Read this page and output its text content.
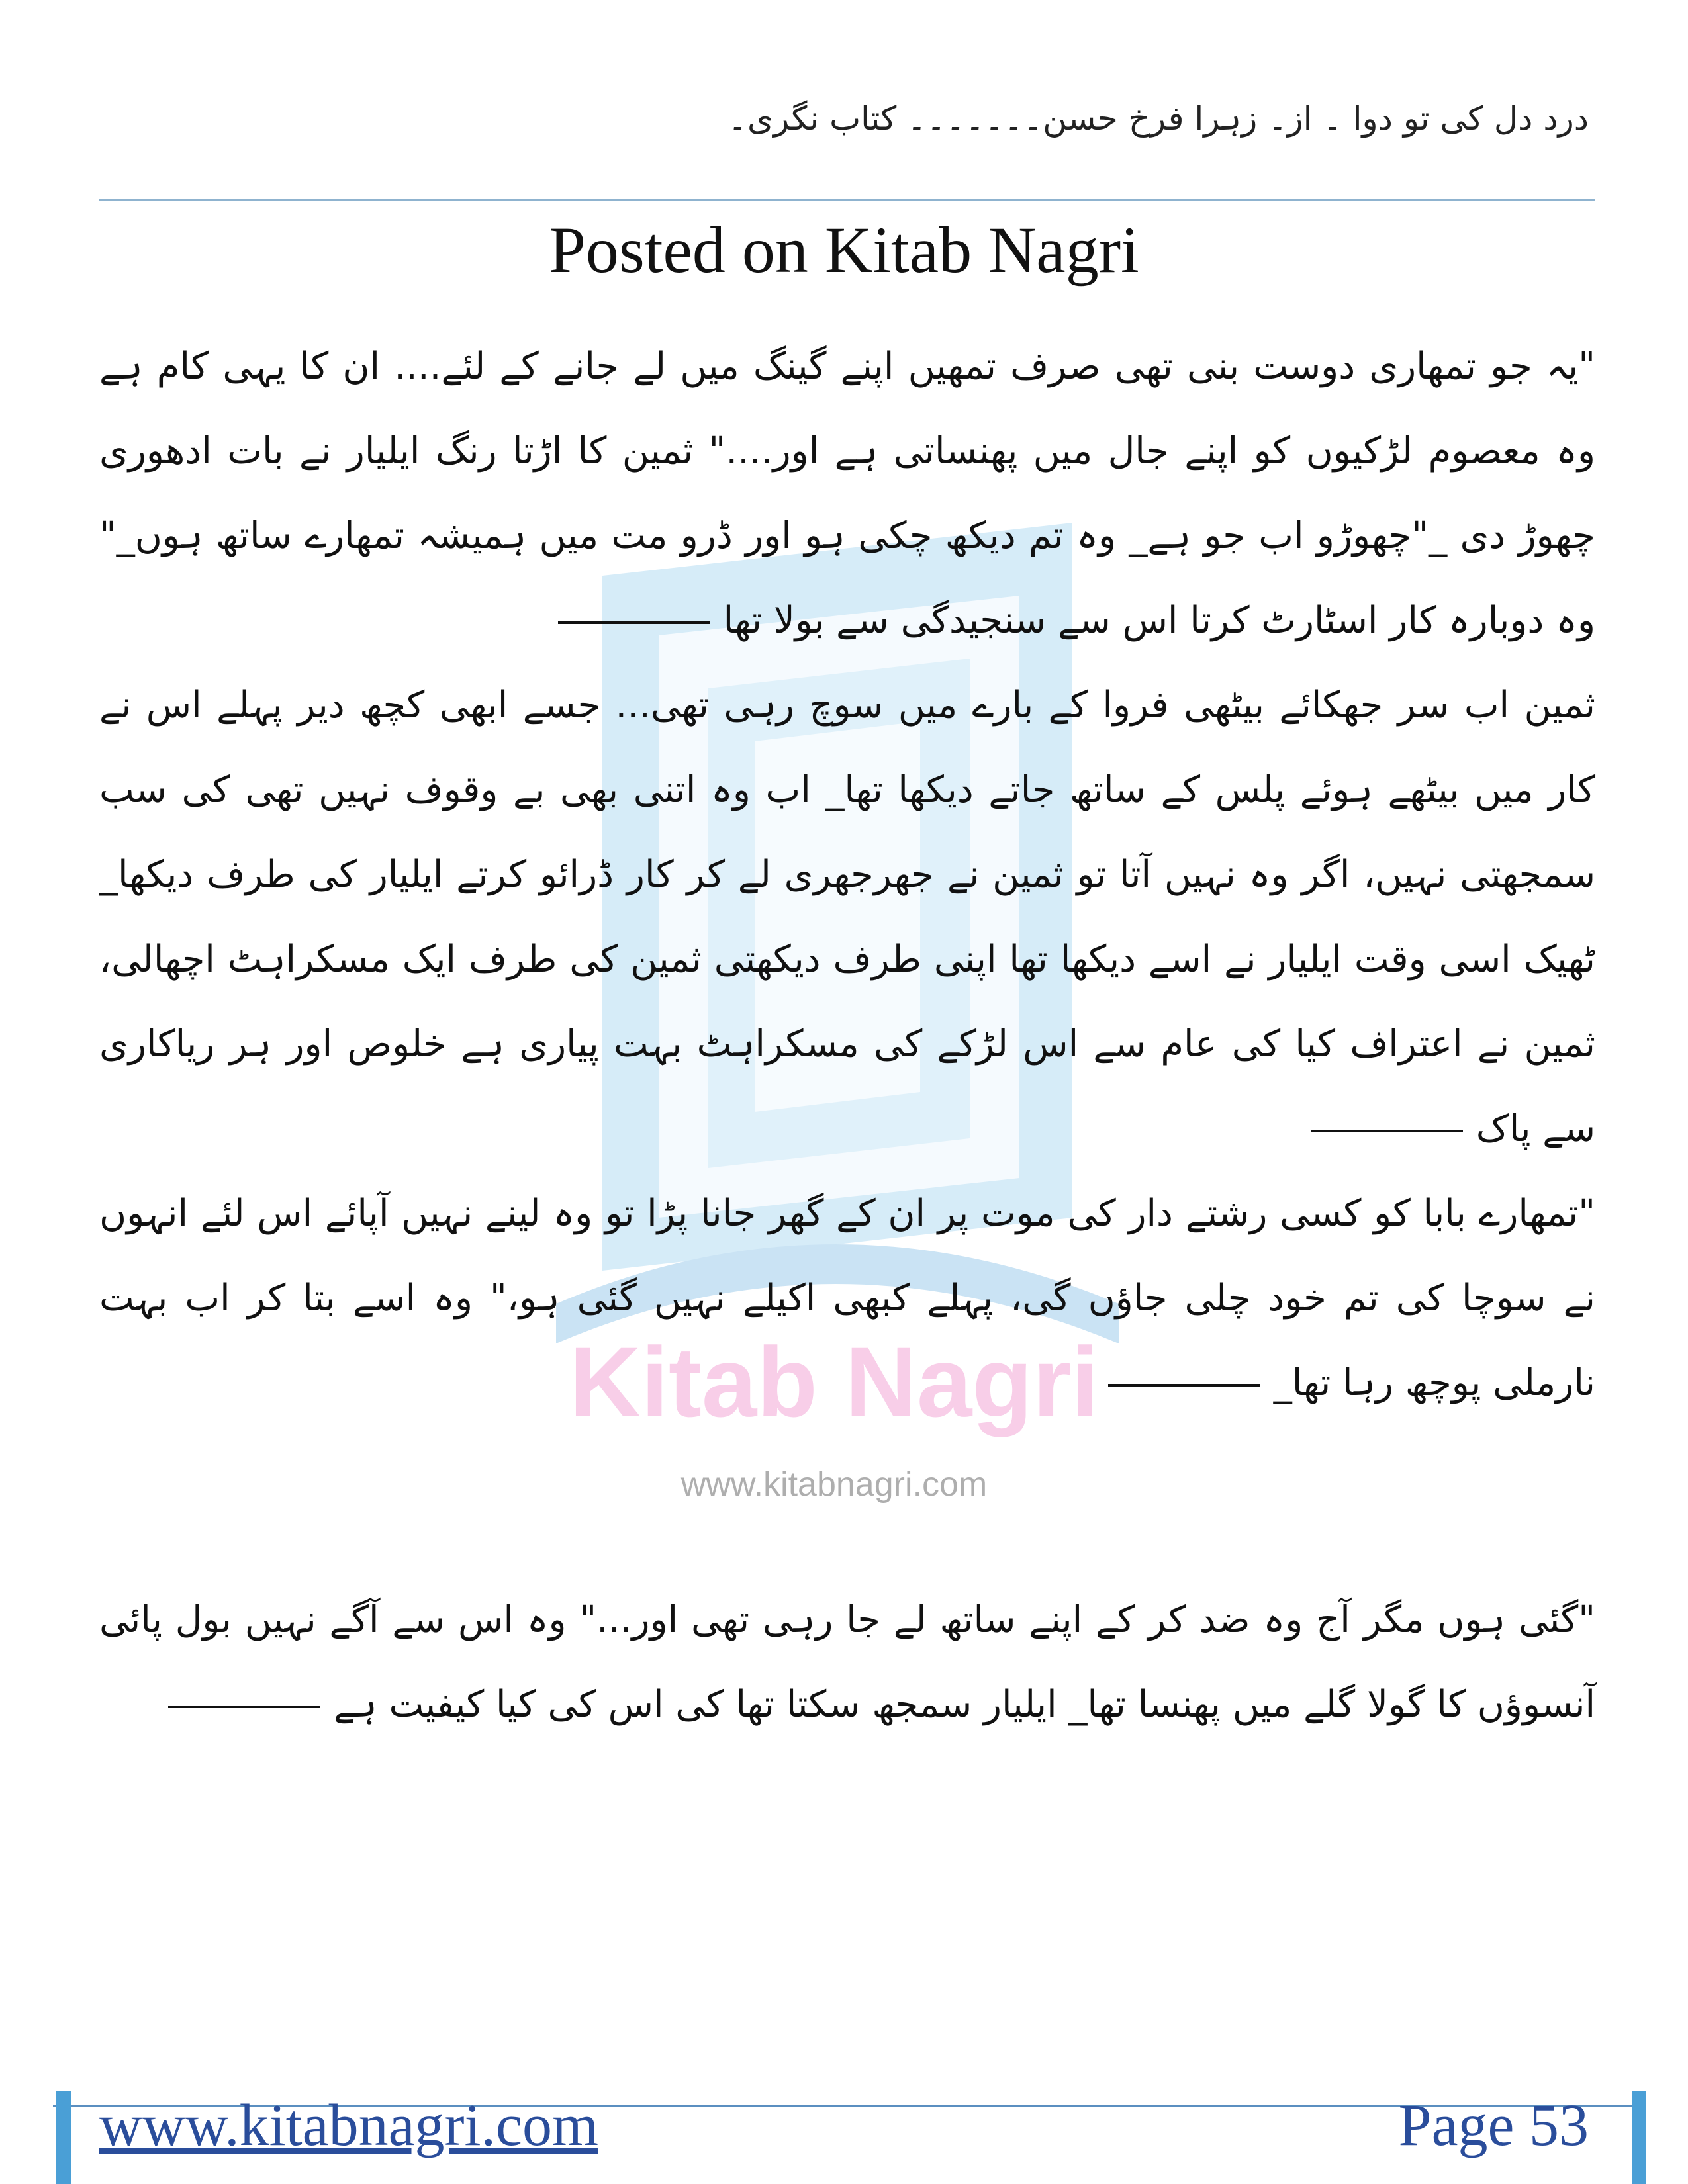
درد دل کی تو دوا ۔ از۔ زہرا فرخ حسن۔۔۔۔۔۔۔ کتاب نگری۔
Posted on Kitab Nagri
Kitab Nagri
www.kitabnagri.com

"یہ جو تمھاری دوست بنی تھی صرف تمھیں اپنے گینگ میں لے جانے کے لئے.... ان کا یہی کام ہے وہ معصوم لڑکیوں کو اپنے جال میں پھنساتی ہے اور...." ثمین کا اڑتا رنگ ایلیار نے بات ادھوری چھوڑ دی _"چھوڑو اب جو ہے_ وہ تم دیکھ چکی ہو اور ڈرو مت میں ہمیشہ تمھارے ساتھ ہوں_" وہ دوبارہ کار اسٹارٹ کرتا اس سے سنجیدگی سے بولا تھا

ثمین اب سر جھکائے بیٹھی فروا کے بارے میں سوچ رہی تھی... جسے ابھی کچھ دیر پہلے اس نے کار میں بیٹھے ہوئے پلس کے ساتھ جاتے دیکھا تھا_ اب وہ اتنی بھی بے وقوف نہیں تھی کی سب سمجھتی نہیں، اگر وہ نہیں آتا تو ثمین نے جھرجھری لے کر کار ڈرائو کرتے ایلیار کی طرف دیکھا_ ٹھیک اسی وقت ایلیار نے اسے دیکھا تھا اپنی طرف دیکھتی ثمین کی طرف ایک مسکراہٹ اچھالی، ثمین نے اعتراف کیا کی عام سے اس لڑکے کی مسکراہٹ بہت پیاری ہے خلوص اور ہر ریاکاری سے پاک

"تمھارے بابا کو کسی رشتے دار کی موت پر ان کے گھر جانا پڑا تو وہ لینے نہیں آپائے اس لئے انہوں نے سوچا کی تم خود چلی جاؤں گی، پہلے کبھی اکیلے نہیں گئی ہو،" وہ اسے بتا کر اب بہت نارملی پوچھ رہا تھا_

"گئی ہوں مگر آج وہ ضد کر کے اپنے ساتھ لے جا رہی تھی اور..." وہ اس سے آگے نہیں بول پائی آنسوؤں کا گولا گلے میں پھنسا تھا_ ایلیار سمجھ سکتا تھا کی اس کی کیا کیفیت ہے

www.kitabnagri.com	Page 53
